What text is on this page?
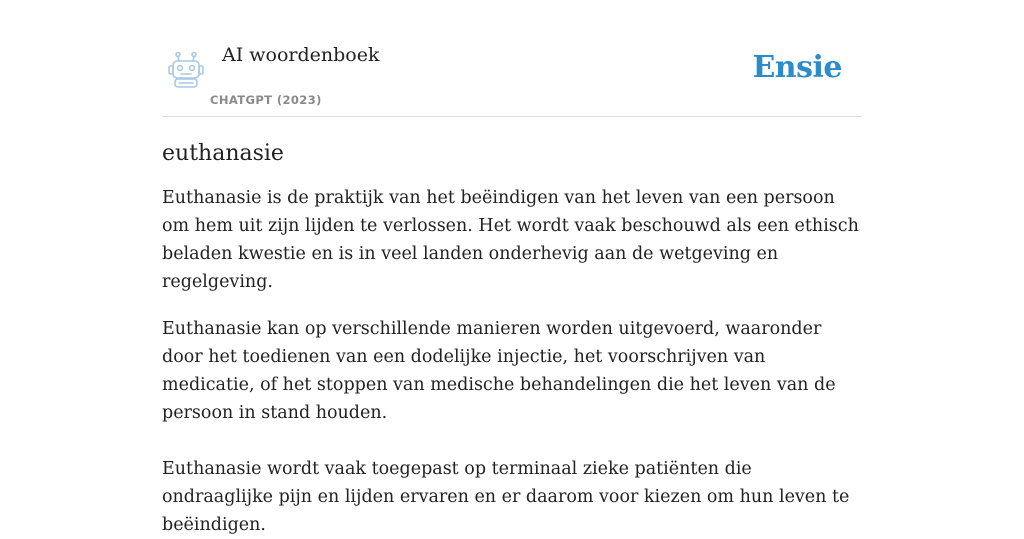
AI woordenboek
CHATGPT (2023)
Ensie
euthanasie

Euthanasie is de praktijk van het beëindigen van het leven van een persoon om hem uit zijn lijden te verlossen. Het wordt vaak beschouwd als een ethisch beladen kwestie en is in veel landen onderhevig aan de wetgeving en regelgeving.

Euthanasie kan op verschillende manieren worden uitgevoerd, waaronder door het toedienen van een dodelijke injectie, het voorschrijven van medicatie, of het stoppen van medische behandelingen die het leven van de persoon in stand houden.

Euthanasie wordt vaak toegepast op terminaal zieke patiënten die ondraaglijke pijn en lijden ervaren en er daarom voor kiezen om hun leven te beëindigen.
